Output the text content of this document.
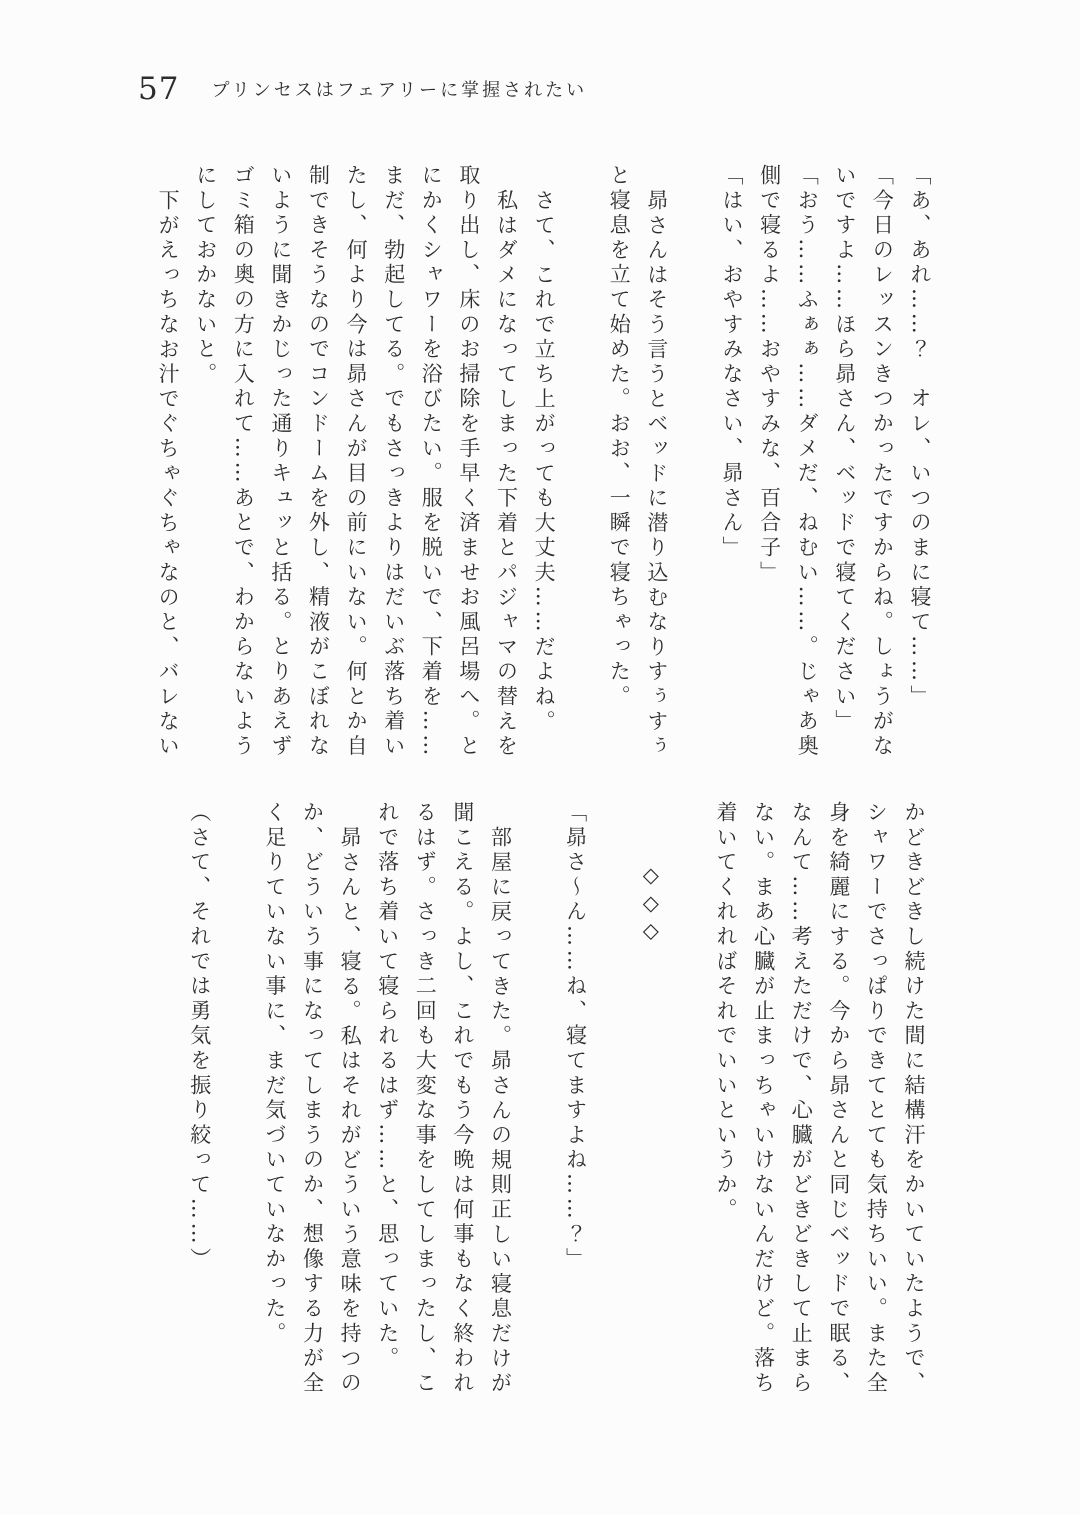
57 プリンセスはフェアリーに掌握されたい
「あ、あれ……？　オレ、いつのまに寝て……」
「今日のレッスンきつかったですからね。しょうがな
いですよ……ほら昴さん、ベッドで寝てください」
「おう……ふぁぁ……ダメだ、ねむい……。じゃあ奥
側で寝るよ……おやすみな、百合子」
「はい、おやすみなさい、昴さん」
昴さんはそう言うとベッドに潜り込むなりすぅすぅ
と寝息を立て始めた。おお、一瞬で寝ちゃった。
さて、これで立ち上がっても大丈夫……だよね。
私はダメになってしまった下着とパジャマの替えを
取り出し、床のお掃除を手早く済ませお風呂場へ。と
にかくシャワーを浴びたい。服を脱いで、下着を……
まだ、勃起してる。でもさっきよりはだいぶ落ち着い
たし、何より今は昴さんが目の前にいない。何とか自
制できそうなのでコンドームを外し、精液がこぼれな
いように聞きかじった通りキュッと括る。とりあえず
ゴミ箱の奥の方に入れて……あとで、わからないよう
にしておかないと。
下がえっちなお汁でぐちゃぐちゃなのと、バレない
かどきどきし続けた間に結構汗をかいていたようで、
シャワーでさっぱりできてとても気持ちいい。また全
身を綺麗にする。今から昴さんと同じベッドで眠る、
なんて……考えただけで、心臓がどきどきして止まら
ない。まあ心臓が止まっちゃいけないんだけど。落ち
着いてくれればそれでいいというか。
◇◇◇
「昴さ〜ん……ね、寝てますよね……？」
部屋に戻ってきた。昴さんの規則正しい寝息だけが
聞こえる。よし、これでもう今晩は何事もなく終われ
るはず。さっき二回も大変な事をしてしまったし、こ
れで落ち着いて寝られるはず……と、思っていた。
昴さんと、寝る。私はそれがどういう意味を持つの
か、どういう事になってしまうのか、想像する力が全
く足りていない事に、まだ気づいていなかった。
（さて、それでは勇気を振り絞って……）
